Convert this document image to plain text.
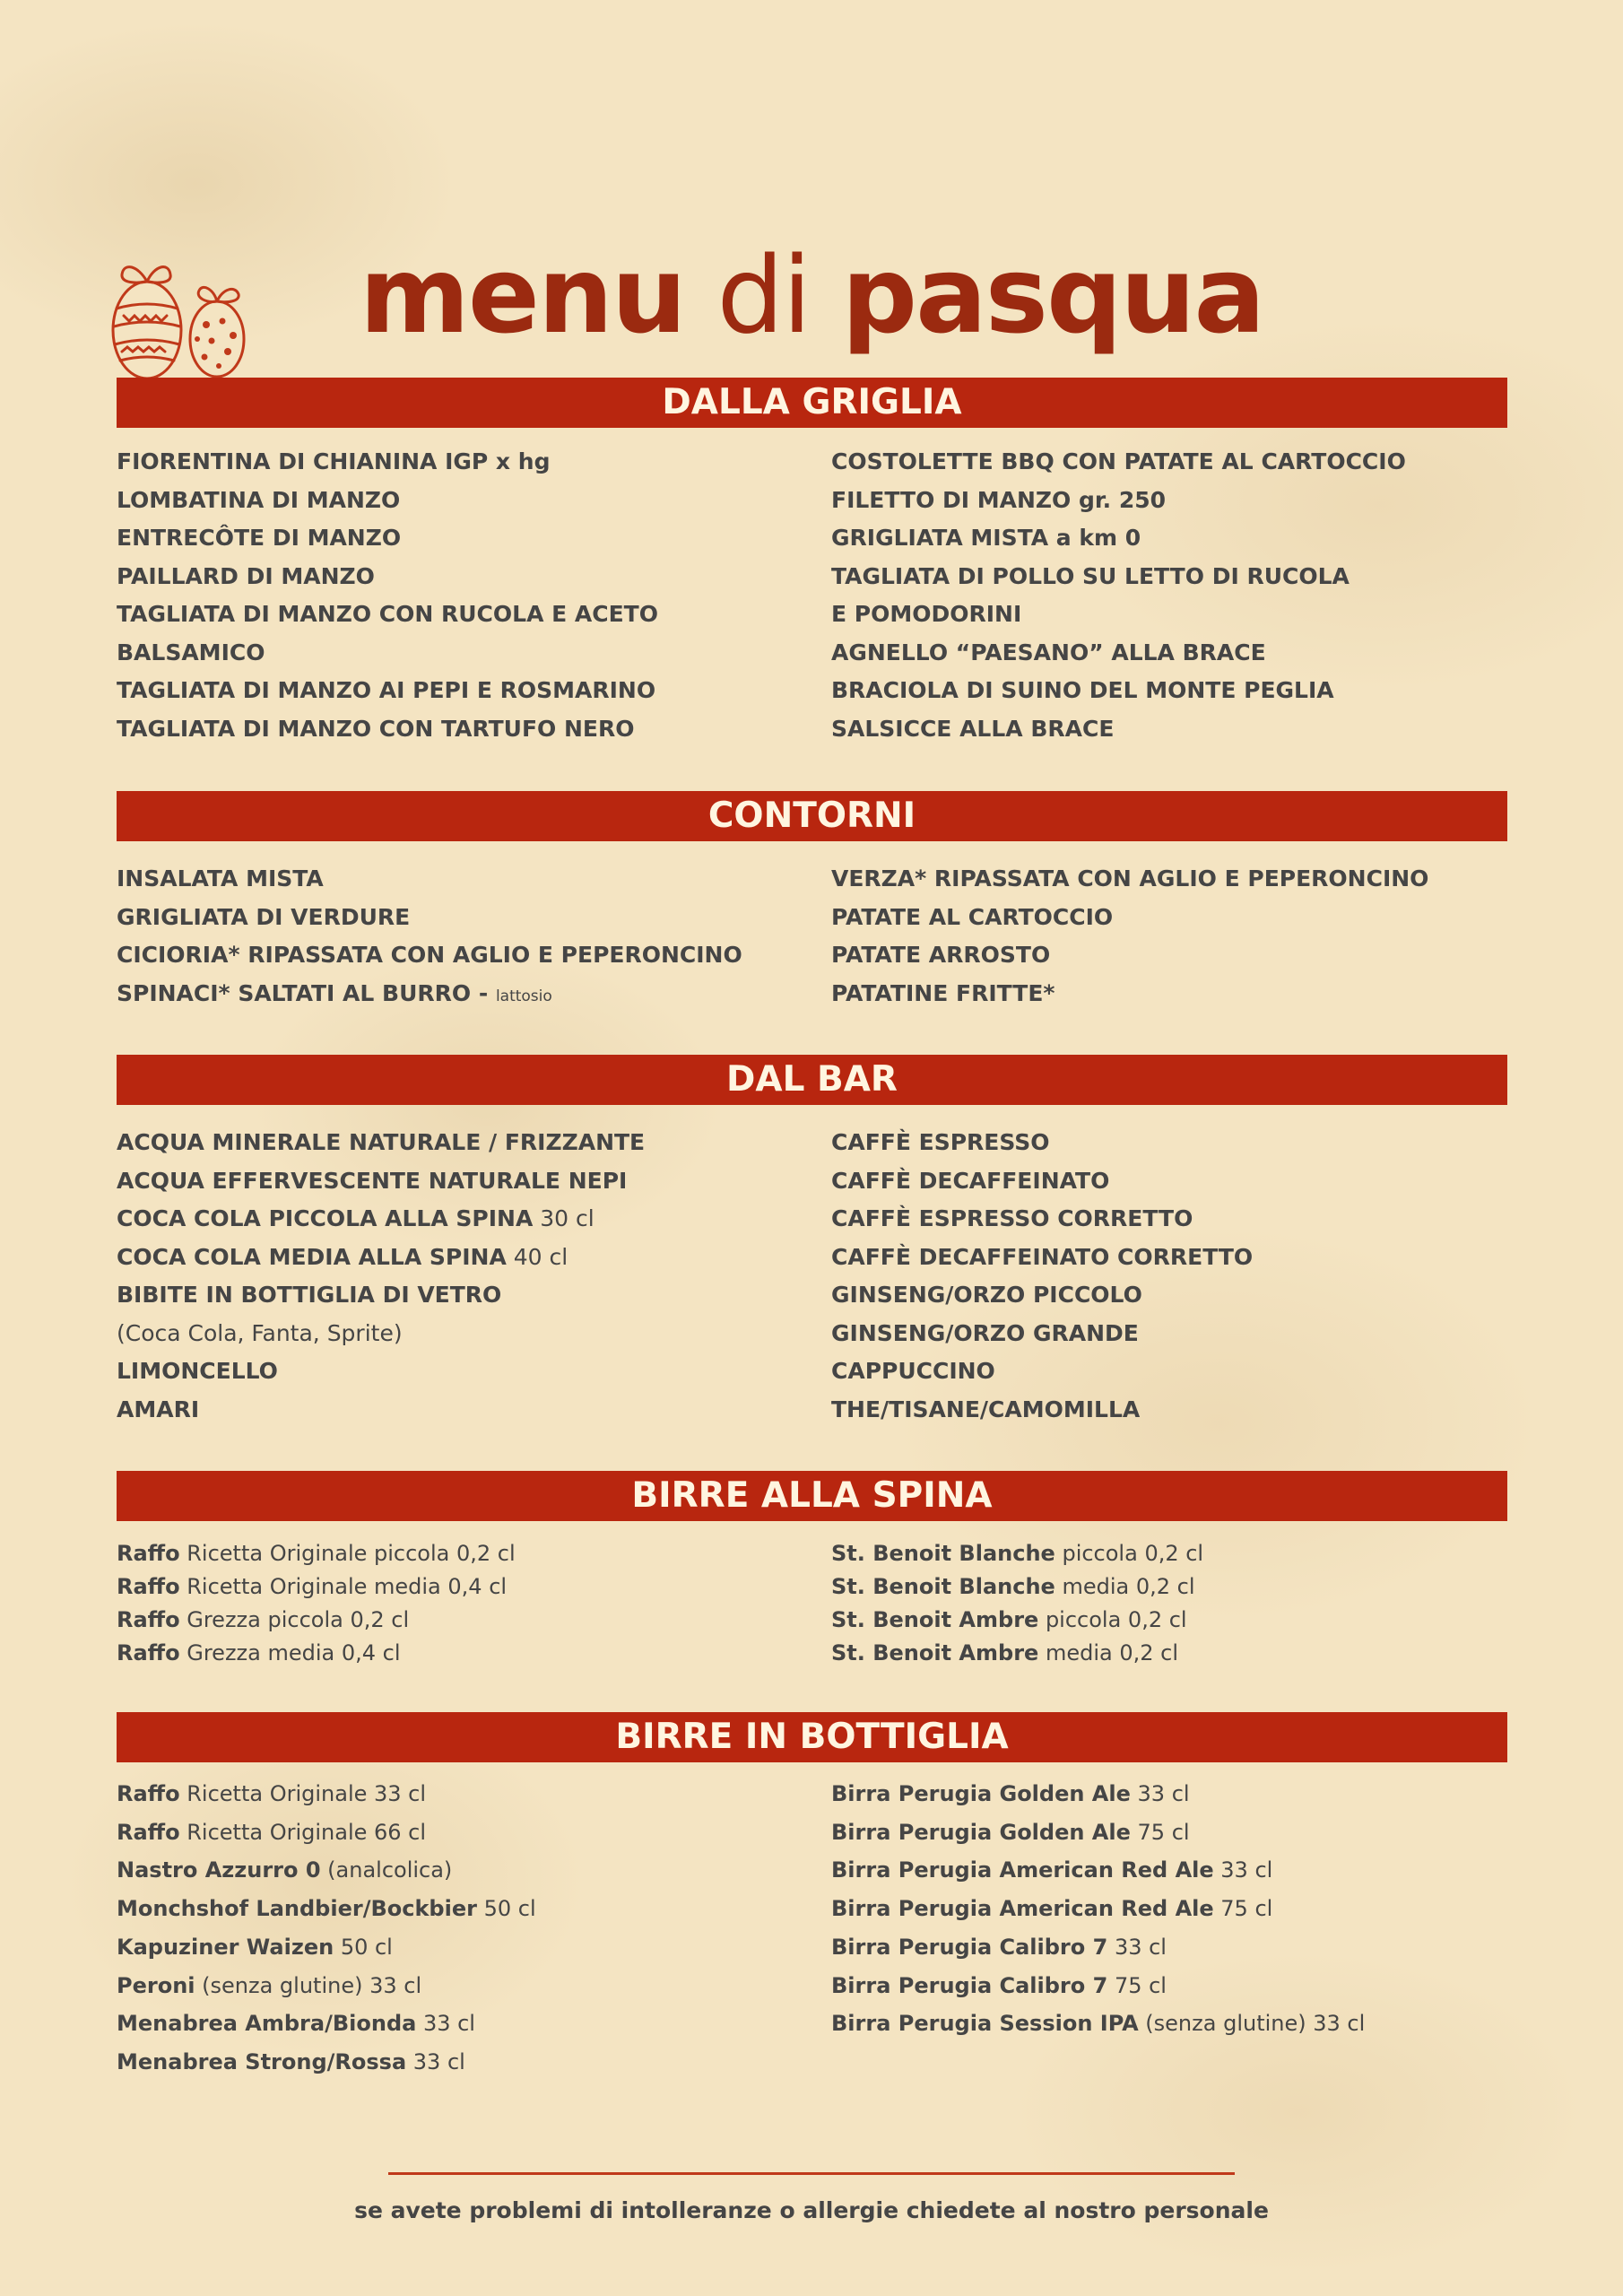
menu di pasqua
DALLA GRIGLIA
FIORENTINA DI CHIANINA IGP x hg
LOMBATINA DI MANZO
ENTRECÔTE DI MANZO
PAILLARD DI MANZO
TAGLIATA DI MANZO CON RUCOLA E ACETO
BALSAMICO
TAGLIATA DI MANZO AI PEPI E ROSMARINO
TAGLIATA DI MANZO CON TARTUFO NERO
COSTOLETTE BBQ CON PATATE AL CARTOCCIO
FILETTO DI MANZO gr. 250
GRIGLIATA MISTA a km 0
TAGLIATA DI POLLO SU LETTO DI RUCOLA
E POMODORINI
AGNELLO “PAESANO” ALLA BRACE
BRACIOLA DI SUINO DEL MONTE PEGLIA
SALSICCE ALLA BRACE
CONTORNI
INSALATA MISTA
GRIGLIATA DI VERDURE
CICIORIA* RIPASSATA CON AGLIO E PEPERONCINO
SPINACI* SALTATI AL BURRO - lattosio
VERZA* RIPASSATA CON AGLIO E PEPERONCINO
PATATE AL CARTOCCIO
PATATE ARROSTO
PATATINE FRITTE*
DAL BAR
ACQUA MINERALE NATURALE / FRIZZANTE
ACQUA EFFERVESCENTE NATURALE NEPI
COCA COLA PICCOLA ALLA SPINA 30 cl
COCA COLA MEDIA ALLA SPINA 40 cl
BIBITE IN BOTTIGLIA DI VETRO
(Coca Cola, Fanta, Sprite)
LIMONCELLO
AMARI
CAFFÈ ESPRESSO
CAFFÈ DECAFFEINATO
CAFFÈ ESPRESSO CORRETTO
CAFFÈ DECAFFEINATO CORRETTO
GINSENG/ORZO PICCOLO
GINSENG/ORZO GRANDE
CAPPUCCINO
THE/TISANE/CAMOMILLA
BIRRE ALLA SPINA
Raffo Ricetta Originale piccola 0,2 cl
Raffo Ricetta Originale media 0,4 cl
Raffo Grezza piccola 0,2 cl
Raffo Grezza media 0,4 cl
St. Benoit Blanche piccola 0,2 cl
St. Benoit Blanche media 0,2 cl
St. Benoit Ambre piccola 0,2 cl
St. Benoit Ambre media 0,2 cl
BIRRE IN BOTTIGLIA
Raffo Ricetta Originale 33 cl
Raffo Ricetta Originale 66 cl
Nastro Azzurro 0 (analcolica)
Monchshof Landbier/Bockbier 50 cl
Kapuziner Waizen 50 cl
Peroni (senza glutine) 33 cl
Menabrea Ambra/Bionda 33 cl
Menabrea Strong/Rossa 33 cl
Birra Perugia Golden Ale 33 cl
Birra Perugia Golden Ale 75 cl
Birra Perugia American Red Ale 33 cl
Birra Perugia American Red Ale 75 cl
Birra Perugia Calibro 7 33 cl
Birra Perugia Calibro 7 75 cl
Birra Perugia Session IPA (senza glutine) 33 cl
se avete problemi di intolleranze o allergie chiedete al nostro personale
